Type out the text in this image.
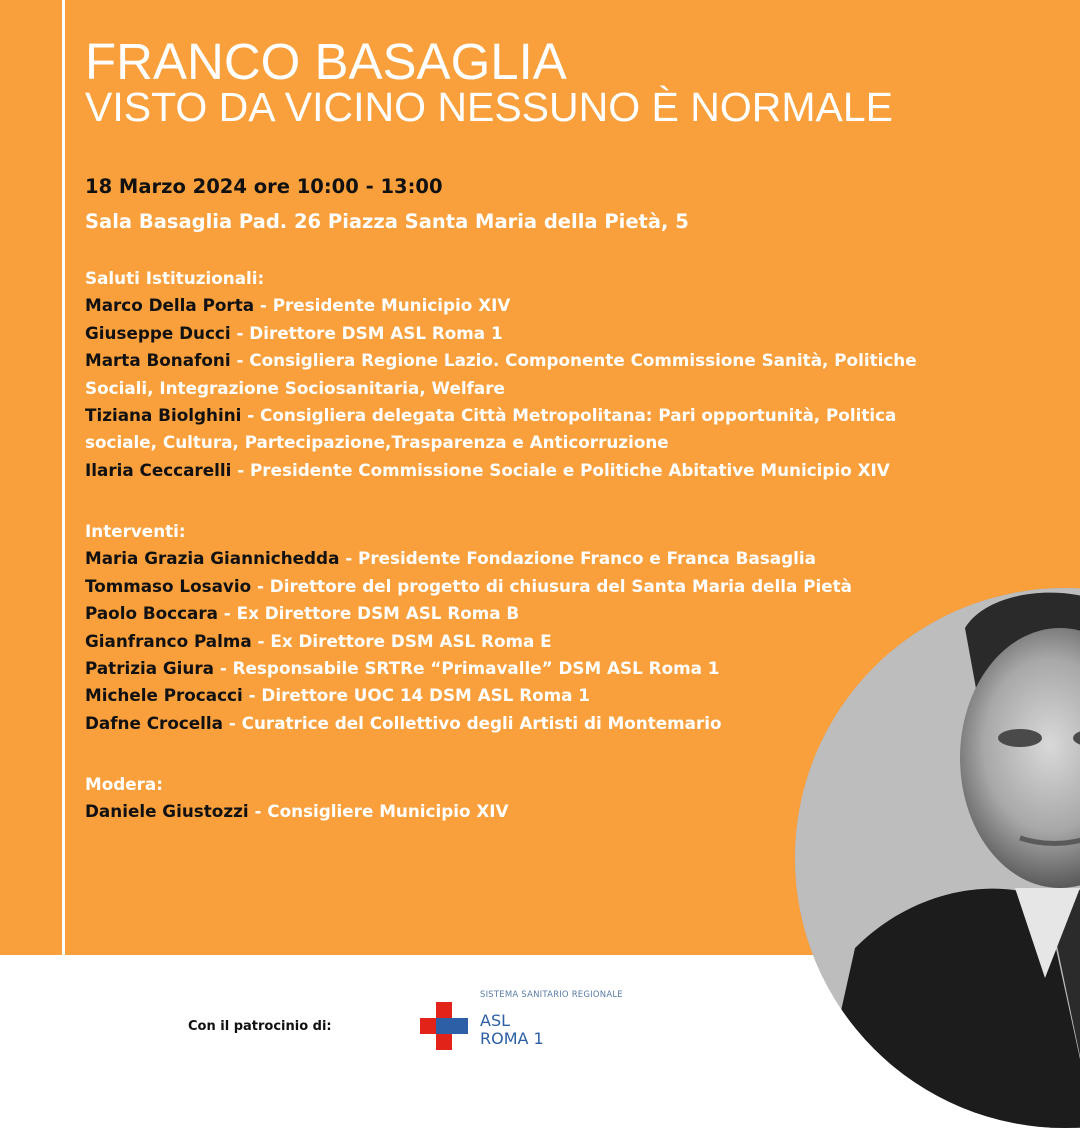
FRANCO BASAGLIA
VISTO DA VICINO NESSUNO È NORMALE
18 Marzo 2024 ore 10:00 - 13:00
Sala Basaglia Pad. 26 Piazza Santa Maria della Pietà, 5
Saluti Istituzionali:
Marco Della Porta - Presidente Municipio XIV
Giuseppe Ducci - Direttore DSM ASL Roma 1
Marta Bonafoni - Consigliera Regione Lazio. Componente Commissione Sanità, Politiche
Sociali, Integrazione Sociosanitaria, Welfare
Tiziana Biolghini - Consigliera delegata Città Metropolitana: Pari opportunità, Politica
sociale, Cultura, Partecipazione,Trasparenza e Anticorruzione
Ilaria Ceccarelli - Presidente Commissione Sociale e Politiche Abitative Municipio XIV
Interventi:
Maria Grazia Giannichedda - Presidente Fondazione Franco e Franca Basaglia
Tommaso Losavio - Direttore del progetto di chiusura del Santa Maria della Pietà
Paolo Boccara - Ex Direttore DSM ASL Roma B
Gianfranco Palma - Ex Direttore DSM ASL Roma E
Patrizia Giura - Responsabile SRTRe “Primavalle” DSM ASL Roma 1
Michele Procacci - Direttore UOC 14 DSM ASL Roma 1
Dafne Crocella - Curatrice del Collettivo degli Artisti di Montemario
Modera:
Daniele Giustozzi - Consigliere Municipio XIV
Con il patrocinio di:
SISTEMA SANITARIO REGIONALE
ASL
ROMA 1
